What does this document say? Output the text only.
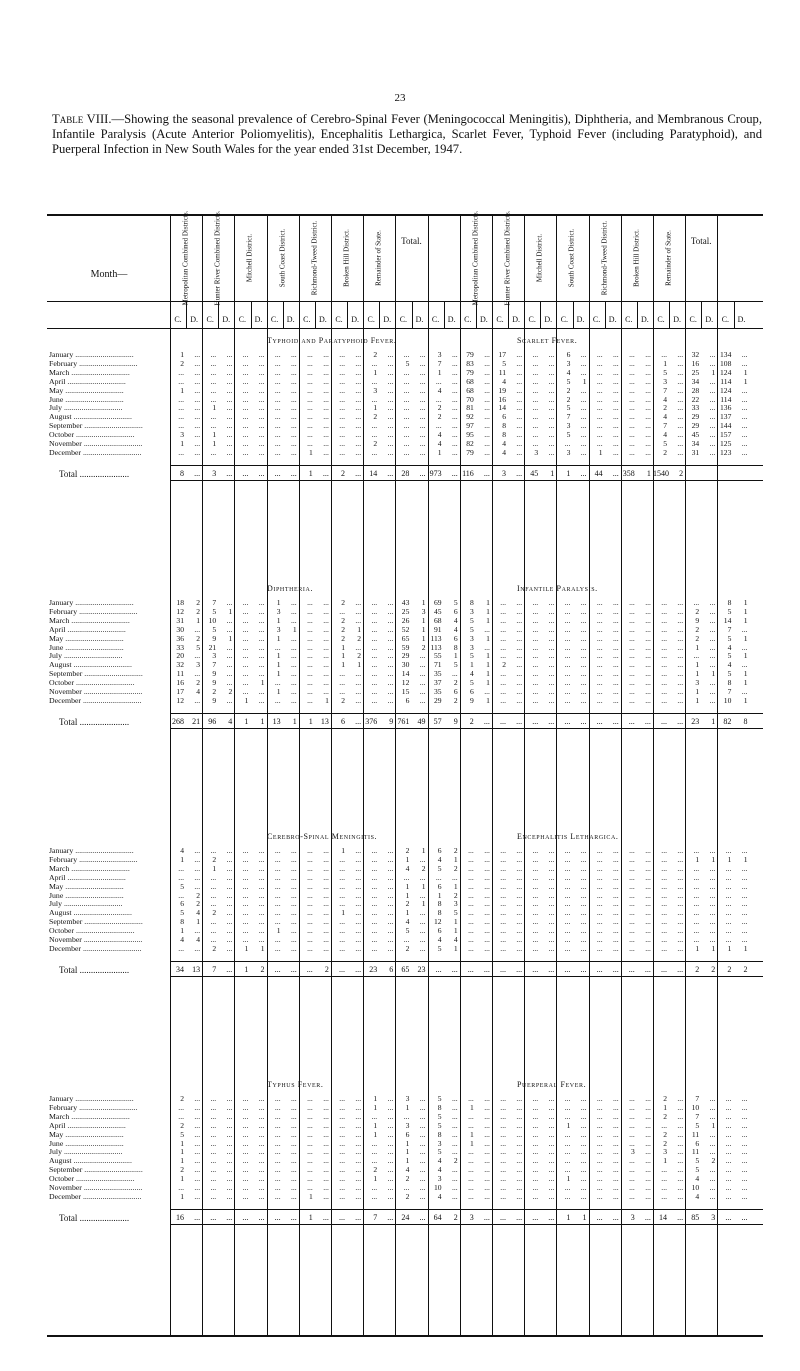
23
Table VIII.—Showing the seasonal prevalence of Cerebro-Spinal Fever (Meningococcal Meningitis), Diphtheria, and Membranous Croup, Infantile Paralysis (Acute Anterior Poliomyelitis), Encephalitis Lethargica, Scarlet Fever, Typhoid Fever (including Paratyphoid), and Puerperal Infection in New South Wales for the year ended 31st December, 1947.
Month—	Metropolitan Combined Districts.	Hunter River Combined Districts.	Mitchell District.	South Coast District.	Richmond-Tweed District.	Broken Hill District.	Remainder of State.	Total.	Metropolitan Combined Districts.	Hunter River Combined Districts.	Mitchell District.	South Coast District.	Richmond-Tweed District.	Broken Hill District.	Remainder of State.	Total.
C.	D.	C.	D.	C.	D.	C.	D.	C.	D.	C.	D.	C.	D.	C.	D.	C.	D.	C.	D.	C.	D.	C.	D.	C.	D.	C.	D.	C.	D.	C.	D.	C.	D.	C.	D.
Typhoid and Paratyphoid Fever.	Scarlet Fever.
January ..............................	1	...	...	...	...	...	...	...	...	...	...	...	2	...	...	...	3	...	79	...	17	...	...	...	6	...	...	...	...	...	...	...	32	... 134	...
February ..............................	2	...	...	...	...	...	...	...	...	...	...	...	...	...	5	...	7	...	83	...	5	...	...	...	3	...	...	...	...	...	1	...	16	... 108	...
March ..............................	...	...	...	...	...	...	...	...	...	...	...	...	1	...	...	...	1	...	79	...	11	...	...	...	4	...	...	...	...	...	5	...	25	1 124	1
April ..............................	...	...	...	...	...	...	...	...	...	...	...	...	...	...	...	...	...	...	68	...	4	...	...	...	5	1	...	...	...	...	3	...	34	... 114	1
May ..............................	1	...	...	...	...	...	...	...	...	...	...	...	3	...	...	...	4	...	68	...	19	...	...	...	2	...	...	...	...	...	7	...	28	... 124	...
June ..............................	...	...	...	...	...	...	...	...	...	...	...	...	...	...	...	...	...	...	70	...	16	...	...	...	2	...	...	...	...	...	4	...	22	... 114	...
July ..............................	...	...	1	...	...	...	...	...	...	...	...	...	1	...	...	...	2	...	81	...	14	...	...	...	5	...	...	...	...	...	2	...	33	... 136	...
August ..............................	...	...	...	...	...	...	...	...	...	...	...	...	2	...	...	...	2	...	92	...	6	...	...	...	7	...	...	...	...	...	4	...	29	... 137	...
September ..............................	...	...	...	...	...	...	...	...	...	...	...	...	...	...	...	...	...	...	97	...	8	...	...	...	3	...	...	...	...	...	7	...	29	... 144	...
October ..............................	3	...	1	...	...	...	...	...	...	...	...	...	...	...	...	...	4	...	95	...	8	...	...	...	5	...	...	...	...	...	4	...	45	... 157	...
November ..............................	1	...	1	...	...	...	...	...	...	...	...	...	2	...	...	...	4	...	82	...	4	...	...	...	...	...	...	...	...	...	5	...	34	... 125	...
December ..............................	...	...	...	...	...	...	...	...	1	...	...	...	...	...	...	...	1	...	79	...	4	...	3	...	3	...	1	...	...	...	2	...	31	... 123	...
Total ......................	8	...	3	...	...	...	...	...	1	...	2	...	14	...	28	... 973	... 116	...	3	...	45	1	1	...	44	... 358	1 1540	2
Diphtheria.	Infantile Paralysis.
January ..............................	18	2	7	...	...	...	1	...	...	...	2	...	...	...	43	1	69	5	8	1	...	...	...	...	...	...	...	...	...	...	...	...	...	...	8	1
February ..............................	12	2	5	1	...	...	3	...	...	...	...	...	...	...	25	3	45	6	3	1	...	...	...	...	...	...	...	...	...	...	...	...	2	...	5	1
March ..............................	31	1	10	...	...	...	1	...	...	...	2	...	...	...	26	1	68	4	5	1	...	...	...	...	...	...	...	...	...	...	...	...	9	...	14	1
April ..............................	30	...	5	...	...	...	3	1	...	...	2	1	...	...	52	1	91	4	5	...	...	...	...	...	...	...	...	...	...	...	...	...	2	...	7	...
May ..............................	36	2	9	1	...	...	1	...	...	...	2	2	...	...	65	1 113	6	3	1	...	...	...	...	...	...	...	...	...	...	...	...	2	...	5	1
June ..............................	33	5	21	...	...	...	...	...	...	...	1	...	...	...	59	2 113	8	3	...	...	...	...	...	...	...	...	...	...	...	...	...	1	...	4	...
July ..............................	20	...	3	...	...	...	1	...	...	...	1	2	...	...	29	...	55	1	5	1	...	...	...	...	...	...	...	...	...	...	...	...	...	...	5	1
August ..............................	32	3	7	...	...	...	1	...	...	...	1	1	...	...	30	...	71	5	1	1	2	...	...	...	...	...	...	...	...	...	...	...	1	...	4	...
September ..............................	11	...	9	...	...	...	1	...	...	...	...	...	...	...	14	...	35	...	4	1	...	...	...	...	...	...	...	...	...	...	...	...	1	1	5	1
October ..............................	16	2	9	...	...	1	...	...	...	...	...	...	...	...	12	...	37	2	5	1	...	...	...	...	...	...	...	...	...	...	...	...	3	...	8	1
November ..............................	17	4	2	2	...	...	1	...	...	...	...	...	...	...	15	...	35	6	6	...	...	...	...	...	...	...	...	...	...	...	...	...	1	...	7	...
December ..............................	12	...	9	...	1	...	...	...	...	1	2	...	...	...	6	...	29	2	9	1	...	...	...	...	...	...	...	...	...	...	...	...	1	...	10	1
Total ......................	268	21	96	4	1	1	13	1	1	13	6	... 376	9 761	49	57	9	2	...	...	...	...	...	...	...	...	...	...	...	...	...	23	1	82	8
Cerebro-Spinal Meningitis.	Encephalitis Lethargica.
January ..............................	4	...	...	...	...	...	...	...	...	...	1	...	...	...	2	1	6	2	...	...	...	...	...	...	...	...	...	...	...	...	...	...	...	...	...	...
February ..............................	1	...	2	...	...	...	...	...	...	...	...	...	...	...	1	...	4	1	...	...	...	...	...	...	...	...	...	...	...	...	...	...	1	1	1	1
March ..............................	...	...	1	...	...	...	...	...	...	...	...	...	...	...	4	2	5	2	...	...	...	...	...	...	...	...	...	...	...	...	...	...	...	...	...	...
April ..............................	...	...	...	...	...	...	...	...	...	...	...	...	...	...	...	...	...	...	...	...	...	...	...	...	...	...	...	...	...	...	...	...	...	...	...	...
May ..............................	5	...	...	...	...	...	...	...	...	...	...	...	...	...	1	1	6	1	...	...	...	...	...	...	...	...	...	...	...	...	...	...	...	...	...	...
June ..............................	...	2	...	...	...	...	...	...	...	...	...	...	...	...	1	...	1	2	...	...	...	...	...	...	...	...	...	...	...	...	...	...	...	...	...	...
July ..............................	6	2	...	...	...	...	...	...	...	...	...	...	...	...	2	1	8	3	...	...	...	...	...	...	...	...	...	...	...	...	...	...	...	...	...	...
August ..............................	5	4	2	...	...	...	...	...	...	...	1	...	...	...	1	...	8	5	...	...	...	...	...	...	...	...	...	...	...	...	...	...	...	...	...	...
September ..............................	8	1	...	...	...	...	...	...	...	...	...	...	...	...	4	...	12	1	...	...	...	...	...	...	...	...	...	...	...	...	...	...	...	...	...	...
October ..............................	1	...	...	...	...	...	1	...	...	...	...	...	...	...	5	...	6	1	...	...	...	...	...	...	...	...	...	...	...	...	...	...	...	...	...	...
November ..............................	4	4	...	...	...	...	...	...	...	...	...	...	...	...	...	...	4	4	...	...	...	...	...	...	...	...	...	...	...	...	...	...	...	...	...	...
December ..............................	...	...	2	...	1	1	...	...	...	...	...	...	...	...	2	...	5	1	...	...	...	...	...	...	...	...	...	...	...	...	...	...	1	1	1	1
Total ......................	34	13	7	...	1	2	...	...	...	2	...	...	23	6	65	23	...	...	...	...	...	...	...	...	...	...	...	...	...	...	...	...	2	2	2	2
Typhus Fever.	Puerperal Fever.
January ..............................	2	...	...	...	...	...	...	...	...	...	...	...	1	...	3	...	5	...	...	...	...	...	...	...	...	...	...	...	...	...	2	...	7	...	...	...
February ..............................	...	...	...	...	...	...	...	...	...	...	...	...	1	...	1	...	8	...	1	...	...	...	...	...	...	...	...	...	...	...	1	...	10	...	...	...
March ..............................	...	...	...	...	...	...	...	...	...	...	...	...	...	...	...	...	5	...	...	...	...	...	...	...	...	...	...	...	...	...	2	...	7	...	...	...
April ..............................	2	...	...	...	...	...	...	...	...	...	...	...	1	...	3	...	5	...	...	...	...	...	...	...	1	...	...	...	...	...	...	...	5	1	...	...
May ..............................	5	...	...	...	...	...	...	...	...	...	...	...	1	...	6	...	8	...	1	...	...	...	...	...	...	...	...	...	...	...	2	...	11	...	...	...
June ..............................	1	...	...	...	...	...	...	...	...	...	...	...	...	...	1	...	3	...	1	...	...	...	...	...	...	...	...	...	...	...	2	...	6	...	...	...
July ..............................	1	...	...	...	...	...	...	...	...	...	...	...	...	...	1	...	5	...	...	...	...	...	...	...	...	...	...	...	3	...	3	...	11	...	...	...
August ..............................	1	...	...	...	...	...	...	...	...	...	...	...	...	...	1	...	4	2	...	...	...	...	...	...	...	...	...	...	...	...	1	...	5	2	...	...
September ..............................	2	...	...	...	...	...	...	...	...	...	...	...	2	...	4	...	4	...	...	...	...	...	...	...	...	...	...	...	...	...	...	...	5	...	...	...
October ..............................	1	...	...	...	...	...	...	...	...	...	...	...	1	...	2	...	3	...	...	...	...	...	...	...	1	...	...	...	...	...	...	...	4	...	...	...
November ..............................	...	...	...	...	...	...	...	...	...	...	...	...	...	...	...	...	10	...	...	...	...	...	...	...	...	...	...	...	...	...	...	...	10	...	...	...
December ..............................	1	...	...	...	...	...	...	...	1	...	...	...	...	...	2	...	4	...	...	...	...	...	...	...	...	...	...	...	...	...	...	...	4	...	...	...
Total ......................	16	...	...	...	...	...	...	...	1	...	...	...	7	...	24	...	64	2	3	...	...	...	...	...	1	1	...	...	3	...	14	...	85	3	...	...
